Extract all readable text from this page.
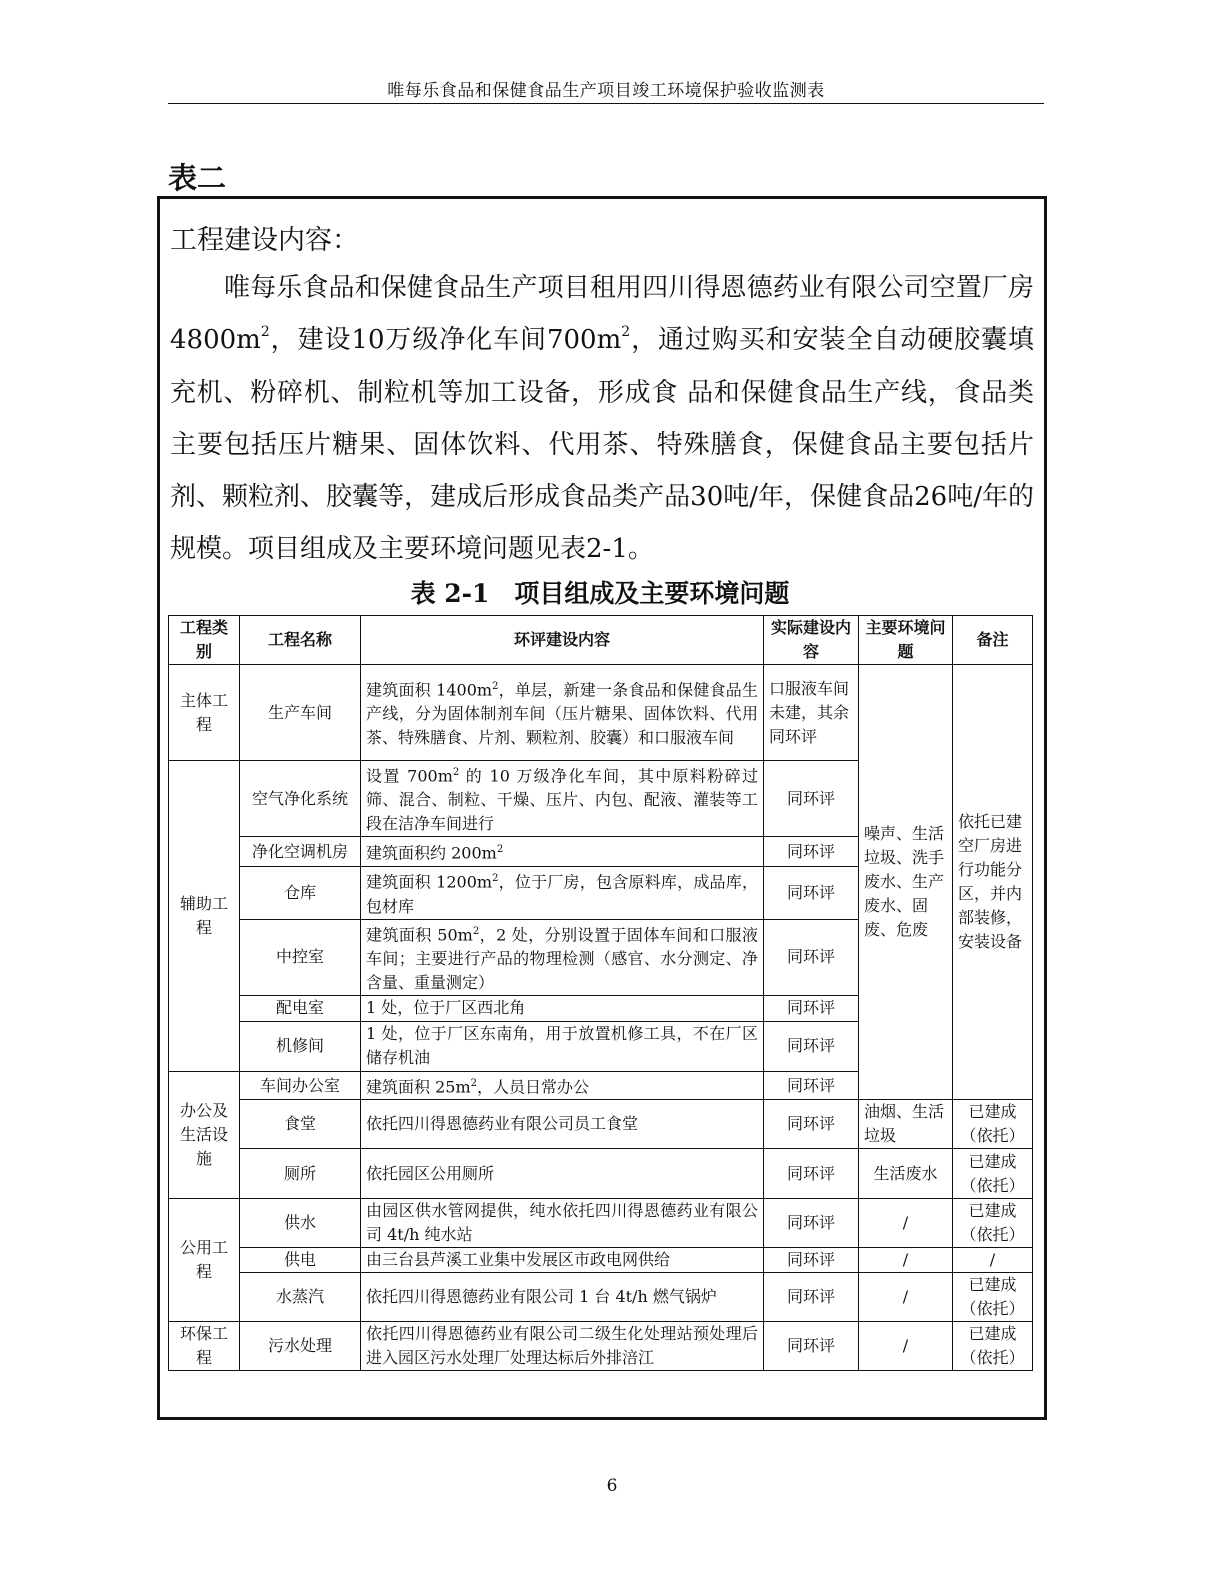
唯每乐食品和保健食品生产项目竣工环境保护验收监测表
表二
工程建设内容：
唯每乐食品和保健食品生产项目租用四川得恩德药业有限公司空置厂房$4800m^2$，建设10万级净化车间$700m^2$，通过购买和安装全自动硬胶囊填充机、粉碎机、制粒机等加工设备，形成食 品和保健食品生产线，食品类主要包括压片糖果、固体饮料、代用茶、特殊膳食，保健食品主要包括片剂、颗粒剂、胶囊等，建成后形成食品类产品30吨/年，保健食品26吨/年的规模。项目组成及主要环境问题见表2-1。
表 2-1　项目组成及主要环境问题
工程类别	工程名称	环评建设内容	实际建设内容	主要环境问题	备注
主体工程	生产车间	建筑面积 $1400m^2$，单层，新建一条食品和保健食品生产线，分为固体制剂车间（压片糖果、固体饮料、代用茶、特殊膳食、片剂、颗粒剂、胶囊）和口服液车间	口服液车间未建，其余同环评	噪声、生活垃圾、洗手废水、生产废水、固废、危废	依托已建空厂房进行功能分区，并内部装修，安装设备
辅助工程	空气净化系统	设置 $700m^2$ 的 10 万级净化车间，其中原料粉碎过筛、混合、制粒、干燥、压片、内包、配液、灌装等工段在洁净车间进行	同环评		
	净化空调机房	建筑面积约 $200m^2$	同环评		
	仓库	建筑面积 $1200m^2$，位于厂房，包含原料库，成品库，包材库	同环评		
	中控室	建筑面积 $50m^2$，2 处，分别设置于固体车间和口服液车间；主要进行产品的物理检测（感官、水分测定、净含量、重量测定）	同环评		
	配电室	1 处，位于厂区西北角	同环评		
	机修间	1 处，位于厂区东南角，用于放置机修工具，不在厂区储存机油	同环评		
办公及生活设施	车间办公室	建筑面积 $25m^2$，人员日常办公	同环评		
	食堂	依托四川得恩德药业有限公司员工食堂	同环评	油烟、生活垃圾	已建成（依托）
	厕所	依托园区公用厕所	同环评	生活废水	已建成（依托）
公用工程	供水	由园区供水管网提供，纯水依托四川得恩德药业有限公司 4t/h 纯水站	同环评	/	已建成（依托）
	供电	由三台县芦溪工业集中发展区市政电网供给	同环评	/	/
	水蒸汽	依托四川得恩德药业有限公司 1 台 4t/h 燃气锅炉	同环评	/	已建成（依托）
环保工程	污水处理	依托四川得恩德药业有限公司二级生化处理站预处理后进入园区污水处理厂处理达标后外排涪江	同环评	/	已建成（依托）
6
